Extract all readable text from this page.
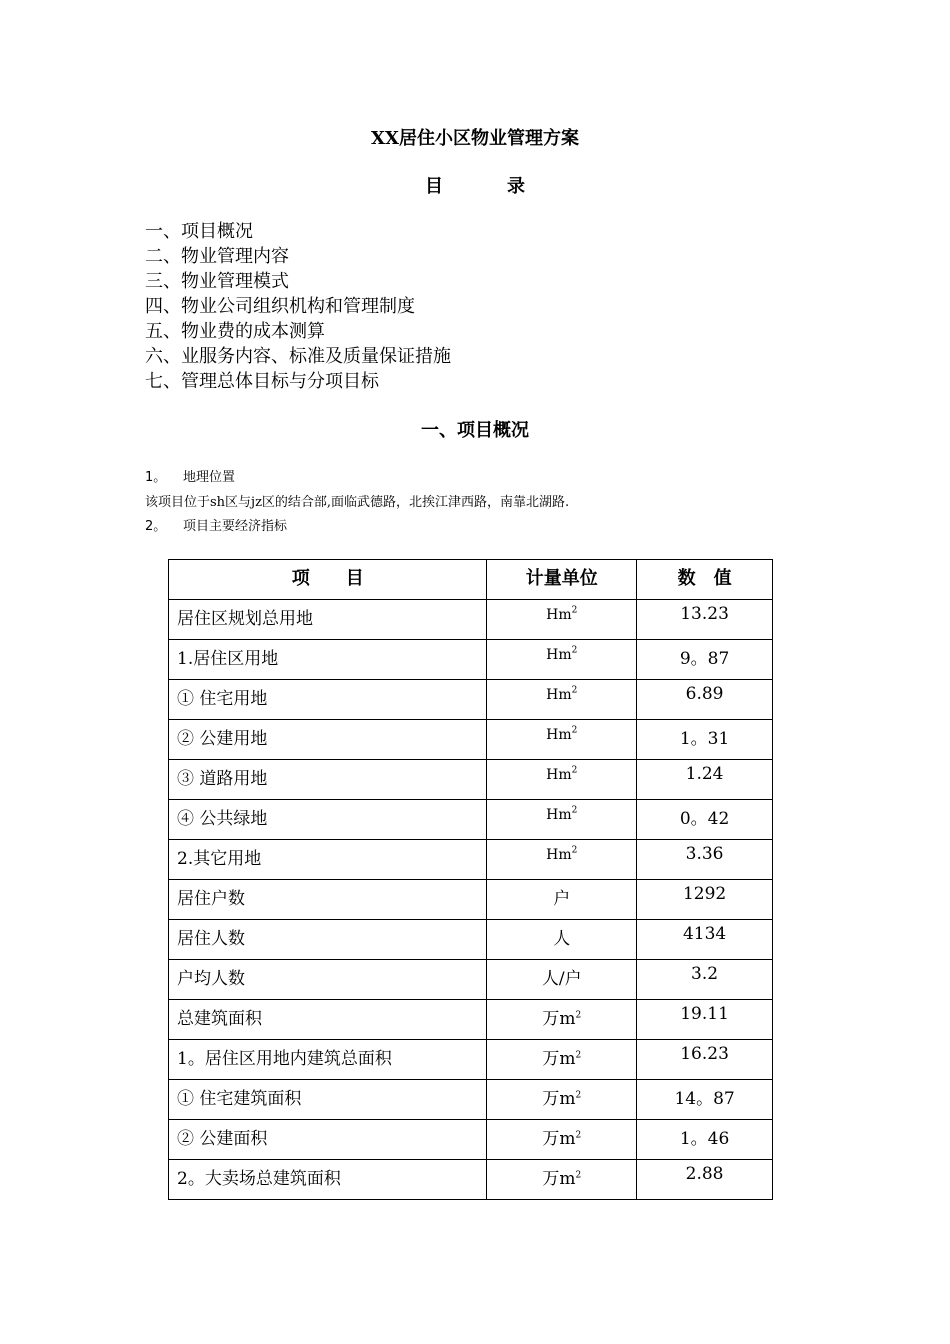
XX居住小区物业管理方案
目	录
一、项目概况
二、物业管理内容
三、物业管理模式
四、物业公司组织机构和管理制度
五、物业费的成本测算
六、业服务内容、标准及质量保证措施
七、管理总体目标与分项目标
一、项目概况
1。 地理位置
该项目位于sh区与jz区的结合部,面临武德路，北挨江津西路，南靠北湖路.
2。 项目主要经济指标
项　　目	计量单位	数　值
居住区规划总用地	Hm$^2$	13.23
1.居住区用地	Hm$^2$	9。87
① 住宅用地	Hm$^2$	6.89
② 公建用地	Hm$^2$	1。31
③ 道路用地	Hm$^2$	1.24
④ 公共绿地	Hm$^2$	0。42
2.其它用地	Hm$^2$	3.36
居住户数	户	1292
居住人数	人	4134
户均人数	人/户	3.2
总建筑面积	万$m^2$	19.11
1。居住区用地内建筑总面积	万$m^2$	16.23
① 住宅建筑面积	万$m^2$	14。87
② 公建面积	万$m^2$	1。46
2。大卖场总建筑面积	万$m^2$	2.88
